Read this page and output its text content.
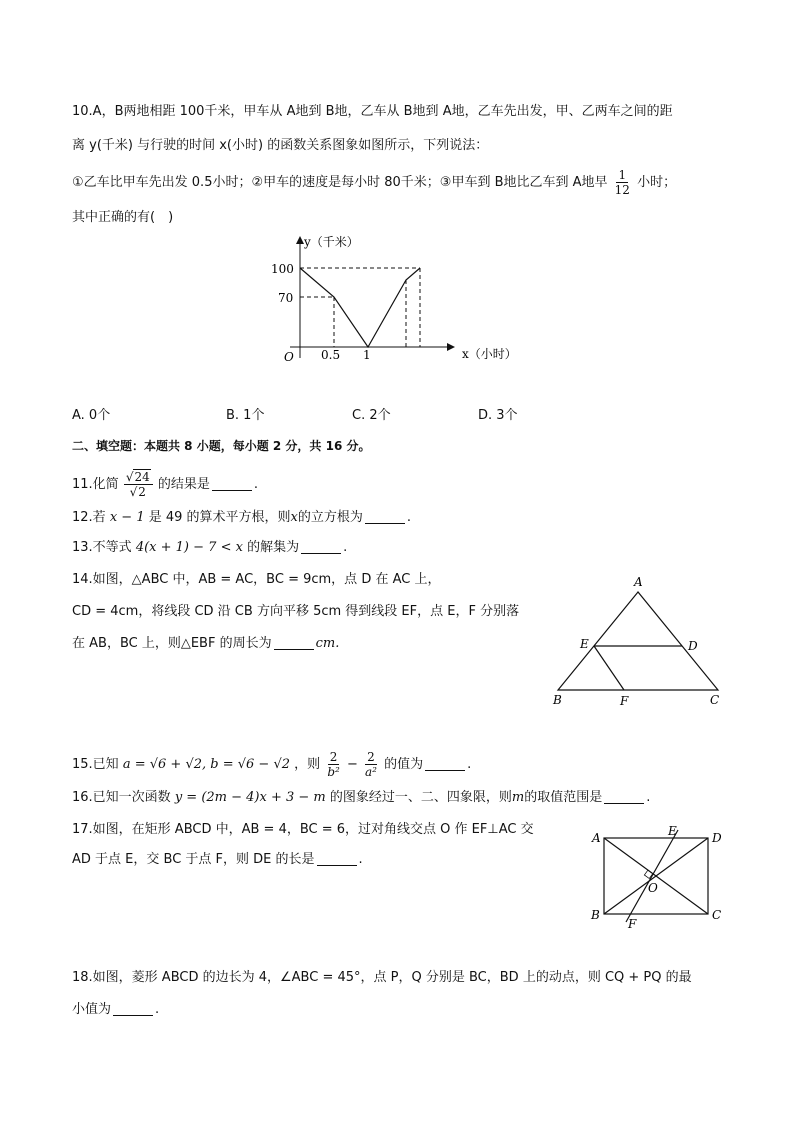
10.A，B两地相距 100千米，甲车从 A地到 B地，乙车从 B地到 A地，乙车先出发，甲、乙两车之间的距
离 y(千米) 与行驶的时间 x(小时) 的函数关系图象如图所示，下列说法：
①乙车比甲车先出发 0.5小时；②甲车的速度是每小时 80千米；③甲车到 B地比乙车到 A地早 $\frac{1}{12}$ 小时；
其中正确的有(　)
y（千米）
x（小时）
O
100
70
0.5 1
A. 0个	B. 1个	C. 2个	D. 3个
二、填空题：本题共 8 小题，每小题 2 分，共 16 分。
11.化简 $\frac{√24}{√2}$ 的结果是	.
12.若 x − 1 是 49 的算术平方根，则x的立方根为	.
13.不等式 4(x + 1) − 7 < x 的解集为	.
14.如图，△ABC 中，AB = AC，BC = 9cm，点 D 在 AC 上，
CD = 4cm，将线段 CD 沿 CB 方向平移 5cm 得到线段 EF，点 E，F 分别落
在 AB，BC 上，则△EBF 的周长为	cm.
A
B	C
D
E
F
15.已知 a = √6 + √2, b = √6 − √2 ，则 $\frac{2}{\text{b²}} - \frac{2}{\text{a²}}$ 的值为	.
16.已知一次函数 y = (2m − 4)x + 3 − m 的图象经过一、二、四象限，则m的取值范围是	.
17.如图，在矩形 ABCD 中，AB = 4，BC = 6，过对角线交点 O 作 EF⊥AC 交
AD 于点 E，交 BC 于点 F，则 DE 的长是	.
A
B	C
D
E
F
O
18.如图，菱形 ABCD 的边长为 4，∠ABC = 45°，点 P，Q 分别是 BC，BD 上的动点，则 CQ + PQ 的最
小值为	.
